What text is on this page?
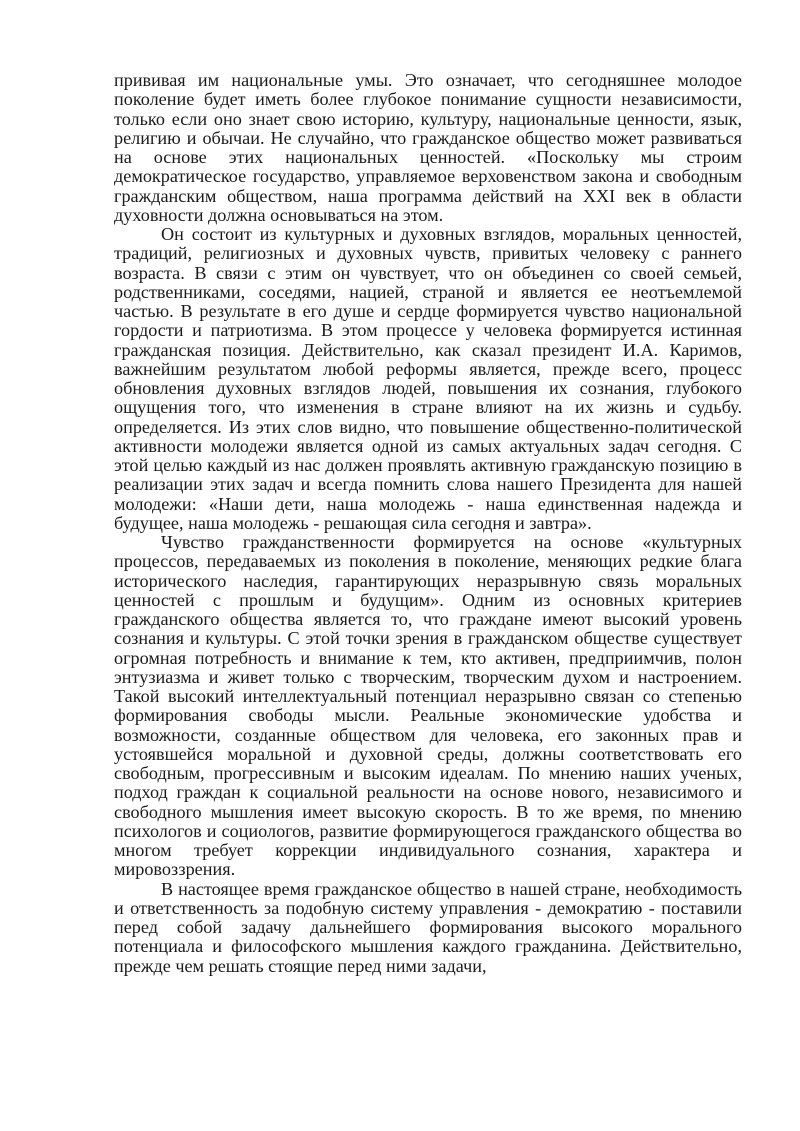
прививая им национальные умы. Это означает, что сегодняшнее молодое поколение будет иметь более глубокое понимание сущности независимости, только если оно знает свою историю, культуру, национальные ценности, язык, религию и обычаи. Не случайно, что гражданское общество может развиваться на основе этих национальных ценностей. «Поскольку мы строим демократическое государство, управляемое верховенством закона и свободным гражданским обществом, наша программа действий на XXI век в области духовности должна основываться на этом.

Он состоит из культурных и духовных взглядов, моральных ценностей, традиций, религиозных и духовных чувств, привитых человеку с раннего возраста. В связи с этим он чувствует, что он объединен со своей семьей, родственниками, соседями, нацией, страной и является ее неотъемлемой частью. В результате в его душе и сердце формируется чувство национальной гордости и патриотизма. В этом процессе у человека формируется истинная гражданская позиция. Действительно, как сказал президент И.А. Каримов, важнейшим результатом любой реформы является, прежде всего, процесс обновления духовных взглядов людей, повышения их сознания, глубокого ощущения того, что изменения в стране влияют на их жизнь и судьбу. определяется. Из этих слов видно, что повышение общественно-политической активности молодежи является одной из самых актуальных задач сегодня. С этой целью каждый из нас должен проявлять активную гражданскую позицию в реализации этих задач и всегда помнить слова нашего Президента для нашей молодежи: «Наши дети, наша молодежь - наша единственная надежда и будущее, наша молодежь - решающая сила сегодня и завтра».

Чувство гражданственности формируется на основе «культурных процессов, передаваемых из поколения в поколение, меняющих редкие блага исторического наследия, гарантирующих неразрывную связь моральных ценностей с прошлым и будущим». Одним из основных критериев гражданского общества является то, что граждане имеют высокий уровень сознания и культуры. С этой точки зрения в гражданском обществе существует огромная потребность и внимание к тем, кто активен, предприимчив, полон энтузиазма и живет только с творческим, творческим духом и настроением. Такой высокий интеллектуальный потенциал неразрывно связан со степенью формирования свободы мысли. Реальные экономические удобства и возможности, созданные обществом для человека, его законных прав и устоявшейся моральной и духовной среды, должны соответствовать его свободным, прогрессивным и высоким идеалам. По мнению наших ученых, подход граждан к социальной реальности на основе нового, независимого и свободного мышления имеет высокую скорость. В то же время, по мнению психологов и социологов, развитие формирующегося гражданского общества во многом требует коррекции индивидуального сознания, характера и мировоззрения.

В настоящее время гражданское общество в нашей стране, необходимость и ответственность за подобную систему управления - демократию - поставили перед собой задачу дальнейшего формирования высокого морального потенциала и философского мышления каждого гражданина. Действительно, прежде чем решать стоящие перед ними задачи,
